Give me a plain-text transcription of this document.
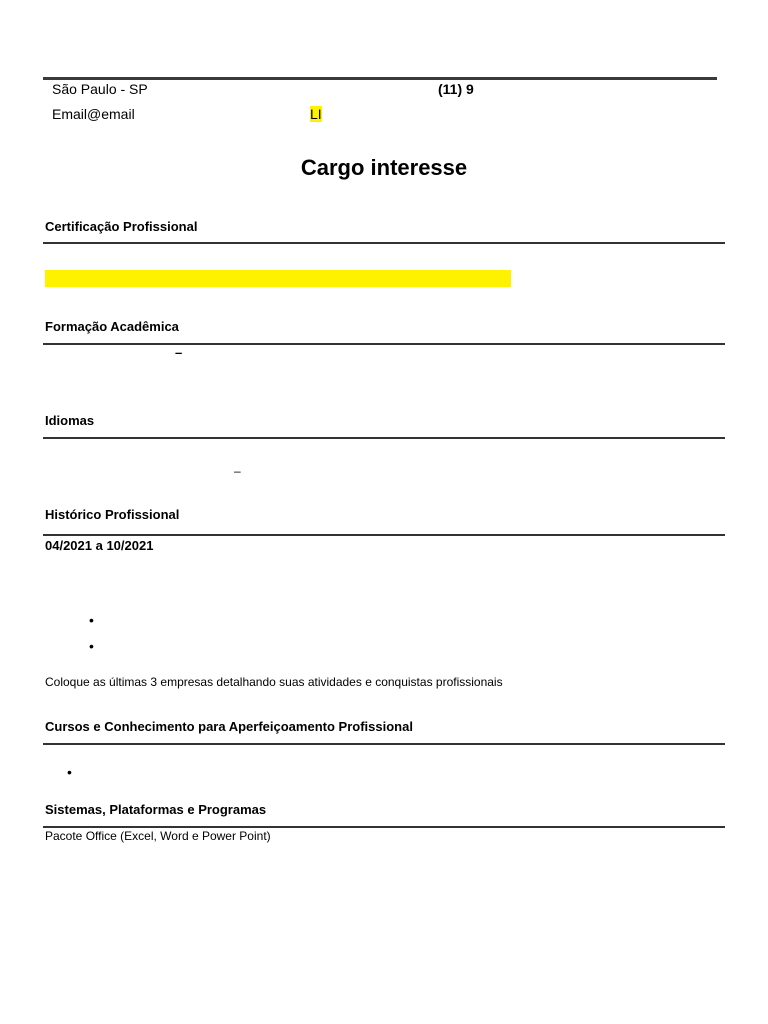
São Paulo - SP	(11) 9
Email@email	LI
Cargo interesse
Certificação Profissional
Formação Acadêmica
–
Idiomas
–
Histórico Profissional
04/2021 a 10/2021
•
•
Coloque as últimas 3 empresas detalhando suas atividades e conquistas profissionais
Cursos e Conhecimento para Aperfeiçoamento Profissional
•
Sistemas, Plataformas e Programas
Pacote Office (Excel, Word e Power Point)
